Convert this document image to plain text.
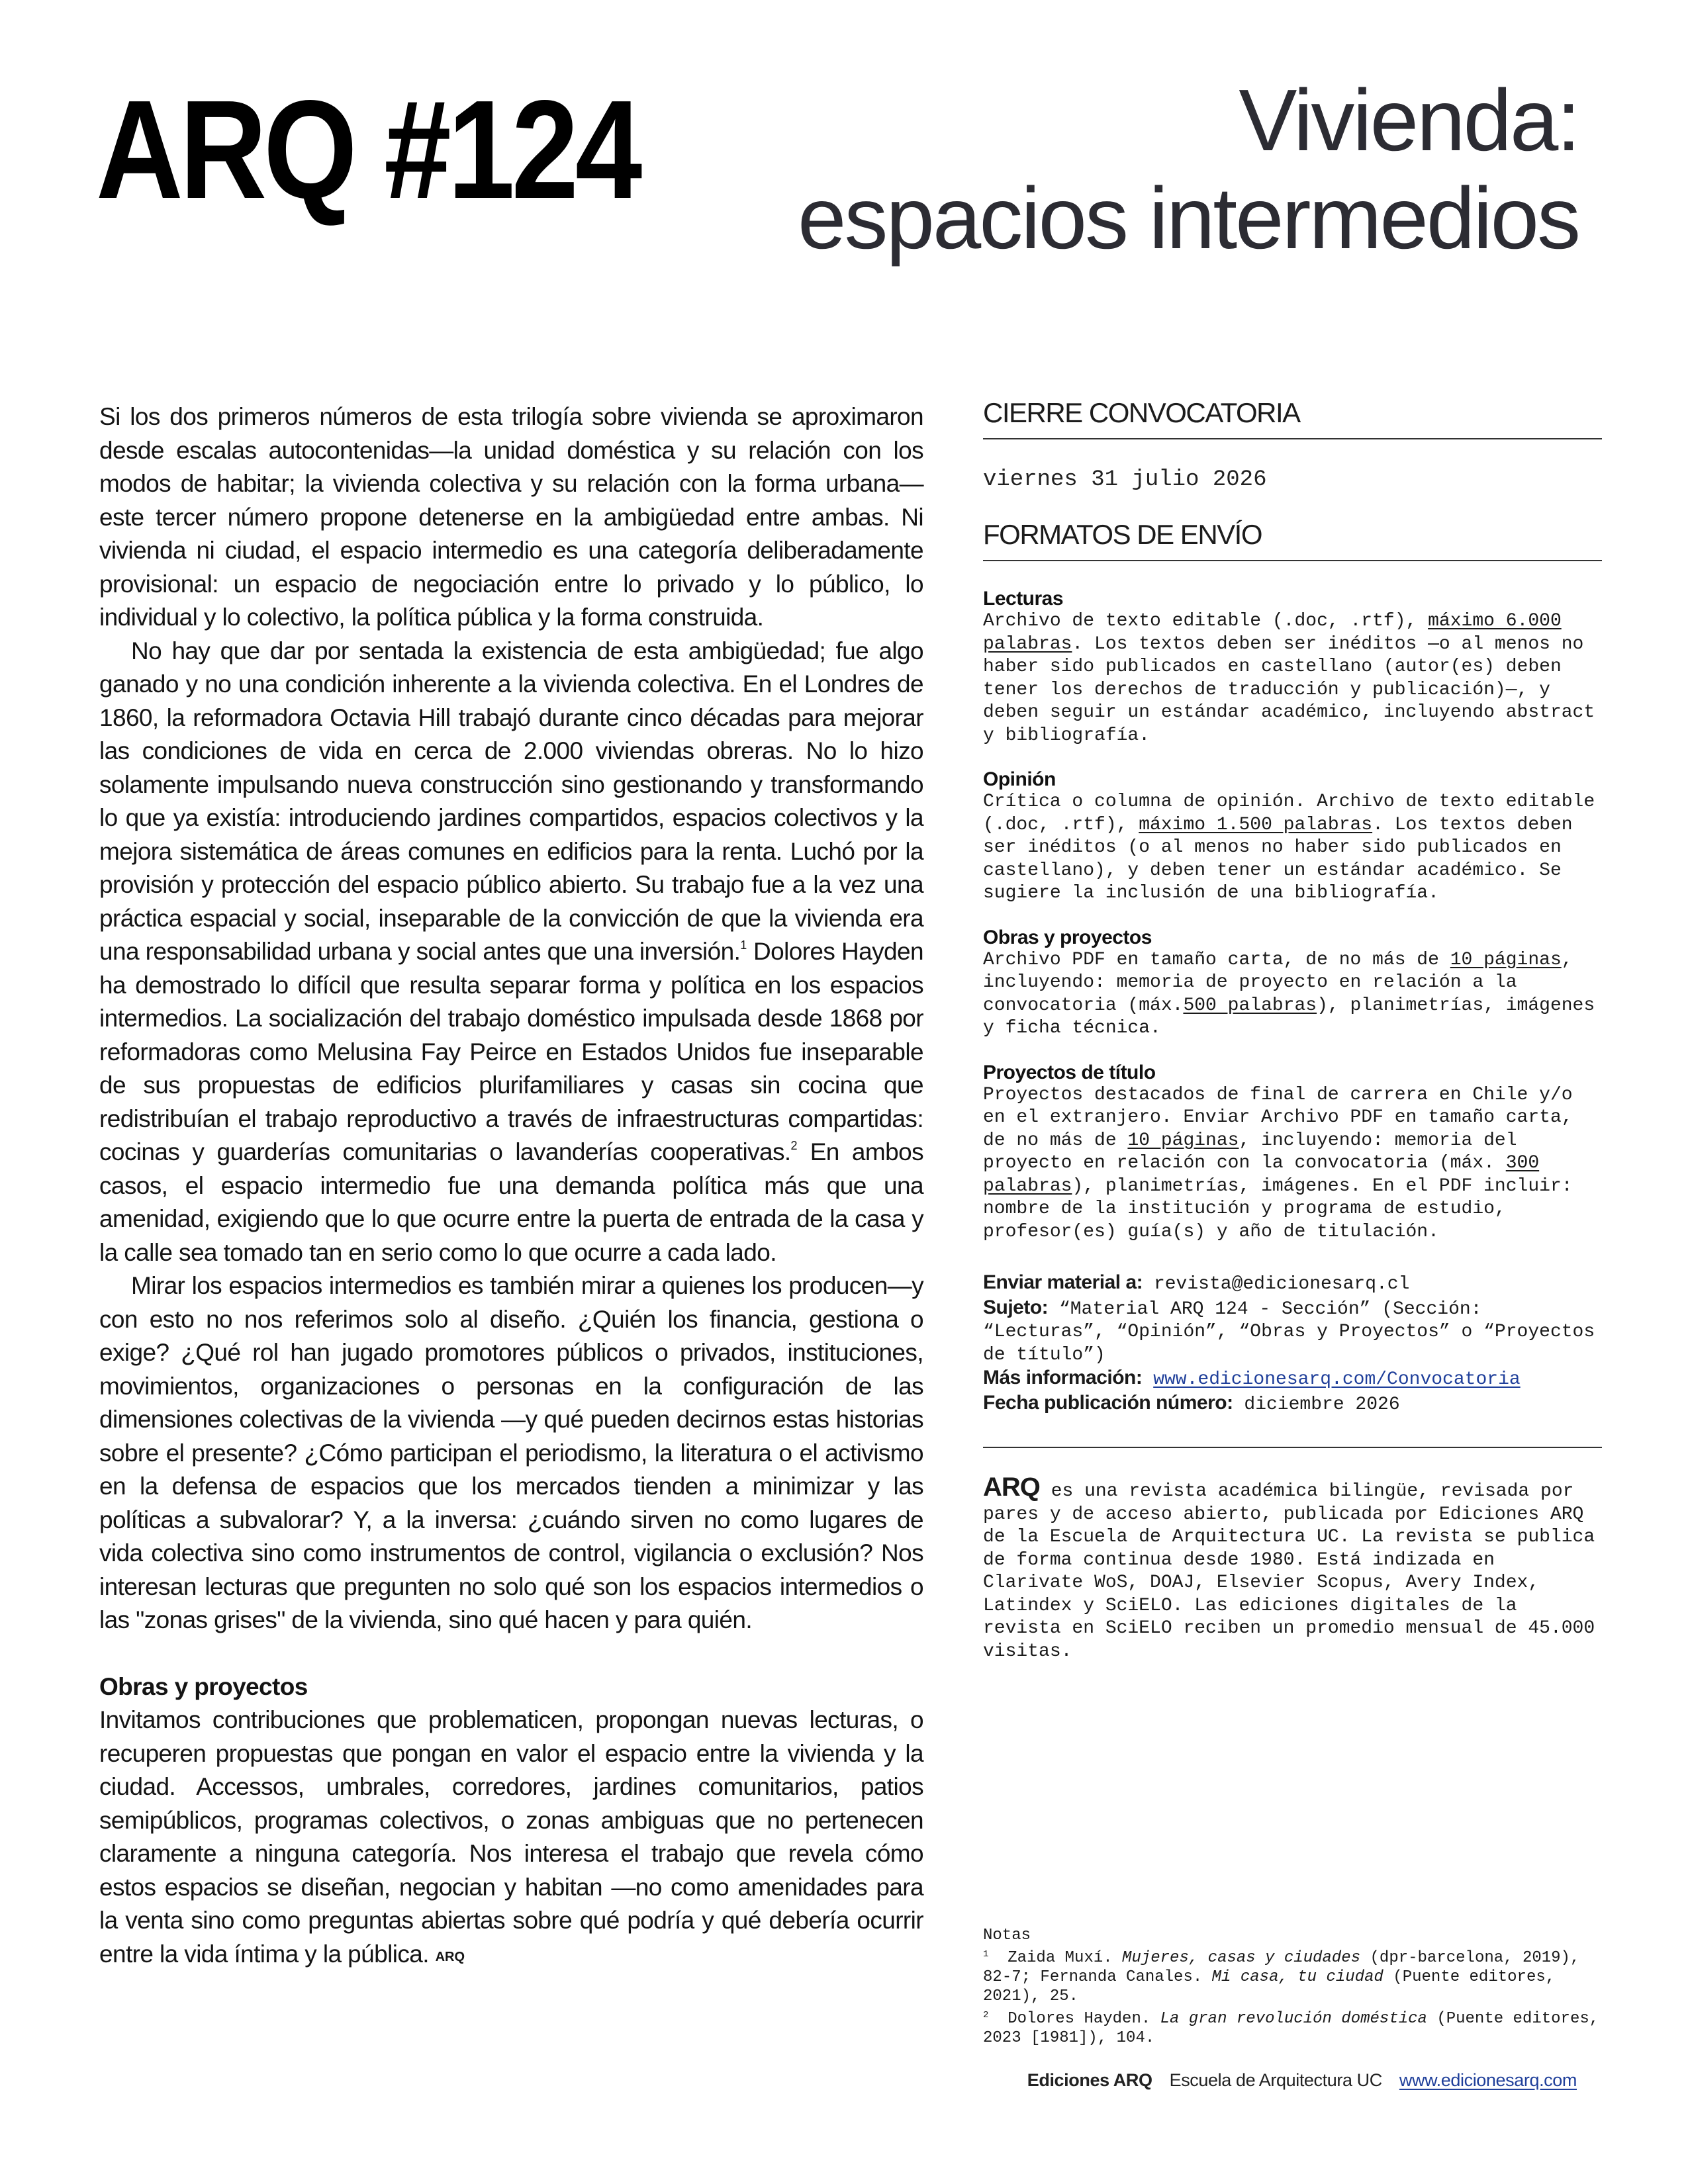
ARQ #124	Vivienda:
espacios intermedios

Si los dos primeros números de esta trilogía sobre vivienda se aproximaron desde escalas autocontenidas—la unidad doméstica y su relación con los modos de habitar; la vivienda colectiva y su relación con la forma urbana—este tercer número propone detenerse en la ambigüedad entre ambas. Ni vivienda ni ciudad, el espacio intermedio es una categoría deliberadamente provisional: un espacio de negociación entre lo privado y lo público, lo individual y lo colectivo, la política pública y la forma construida.

No hay que dar por sentada la existencia de esta ambigüedad; fue algo ganado y no una condición inherente a la vivienda colectiva. En el Londres de 1860, la reformadora Octavia Hill trabajó durante cinco décadas para mejorar las condiciones de vida en cerca de 2.000 viviendas obreras. No lo hizo solamente impulsando nueva construcción sino gestionando y transformando lo que ya existía: introduciendo jardines compartidos, espacios colectivos y la mejora sistemática de áreas comunes en edificios para la renta. Luchó por la provisión y protección del espacio público abierto. Su trabajo fue a la vez una práctica espacial y social, inseparable de la convicción de que la vivienda era una responsabilidad urbana y social antes que una inversión.$^1$ Dolores Hayden ha demostrado lo difícil que resulta separar forma y política en los espacios intermedios. La socialización del trabajo doméstico impulsada desde 1868 por reformadoras como Melusina Fay Peirce en Estados Unidos fue inseparable de sus propuestas de edificios plurifamiliares y casas sin cocina que redistribuían el trabajo reproductivo a través de infraestructuras compartidas: cocinas y guarderías comunitarias o lavanderías cooperativas.$^2$ En ambos casos, el espacio intermedio fue una demanda política más que una amenidad, exigiendo que lo que ocurre entre la puerta de entrada de la casa y la calle sea tomado tan en serio como lo que ocurre a cada lado.

Mirar los espacios intermedios es también mirar a quienes los producen—y con esto no nos referimos solo al diseño. ¿Quién los financia, gestiona o exige? ¿Qué rol han jugado promotores públicos o privados, instituciones, movimientos, organizaciones o personas en la configuración de las dimensiones colectivas de la vivienda —y qué pueden decirnos estas historias sobre el presente? ¿Cómo participan el periodismo, la literatura o el activismo en la defensa de espacios que los mercados tienden a minimizar y las políticas a subvalorar? Y, a la inversa: ¿cuándo sirven no como lugares de vida colectiva sino como instrumentos de control, vigilancia o exclusión? Nos interesan lecturas que pregunten no solo qué son los espacios intermedios o las "zonas grises" de la vivienda, sino qué hacen y para quién.

Obras y proyectos

Invitamos contribuciones que problematicen, propongan nuevas lecturas, o recuperen propuestas que pongan en valor el espacio entre la vivienda y la ciudad. Accessos, umbrales, corredores, jardines comunitarios, patios semipúblicos, programas colectivos, o zonas ambiguas que no pertenecen claramente a ninguna categoría. Nos interesa el trabajo que revela cómo estos espacios se diseñan, negocian y habitan —no como amenidades para la venta sino como preguntas abiertas sobre qué podría y qué debería ocurrir entre la vida íntima y la pública. ARQ

CIERRE CONVOCATORIA
viernes 31 julio 2026
FORMATOS DE ENVÍO
Lecturas
Archivo de texto editable (.doc, .rtf), máximo 6.000 palabras. Los textos deben ser inéditos —o al menos no haber sido publicados en castellano (autor(es) deben tener los derechos de traducción y publicación)—, y deben seguir un estándar académico, incluyendo abstract y bibliografía.
Opinión
Crítica o columna de opinión. Archivo de texto editable (.doc, .rtf), máximo 1.500 palabras. Los textos deben ser inéditos (o al menos no haber sido publicados en castellano), y deben tener un estándar académico. Se sugiere la inclusión de una bibliografía.
Obras y proyectos
Archivo PDF en tamaño carta, de no más de 10 páginas, incluyendo: memoria de proyecto en relación a la convocatoria (máx.500 palabras), planimetrías, imágenes y ficha técnica.
Proyectos de título
Proyectos destacados de final de carrera en Chile y/o en el extranjero. Enviar Archivo PDF en tamaño carta, de no más de 10 páginas, incluyendo: memoria del proyecto en relación con la convocatoria (máx. 300 palabras), planimetrías, imágenes. En el PDF incluir: nombre de la institución y programa de estudio, profesor(es) guía(s) y año de titulación.
Enviar material a: revista@edicionesarq.cl
Sujeto: “Material ARQ 124 - Sección” (Sección: “Lecturas”, “Opinión”, “Obras y Proyectos” o “Proyectos de título”)
Más información: www.edicionesarq.com/Convocatoria
Fecha publicación número: diciembre 2026
ARQ es una revista académica bilingüe, revisada por pares y de acceso abierto, publicada por Ediciones ARQ de la Escuela de Arquitectura UC. La revista se publica de forma continua desde 1980. Está indizada en Clarivate WoS, DOAJ, Elsevier Scopus, Avery Index, Latindex y SciELO. Las ediciones digitales de la revista en SciELO reciben un promedio mensual de 45.000 visitas.
Notas
$^1$ Zaida Muxí. Mujeres, casas y ciudades (dpr-barcelona, 2019), 82-7; Fernanda Canales. Mi casa, tu ciudad (Puente editores, 2021), 25.
$^2$ Dolores Hayden. La gran revolución doméstica (Puente editores, 2023 [1981]), 104.
Ediciones ARQ Escuela de Arquitectura UC www.edicionesarq.com
